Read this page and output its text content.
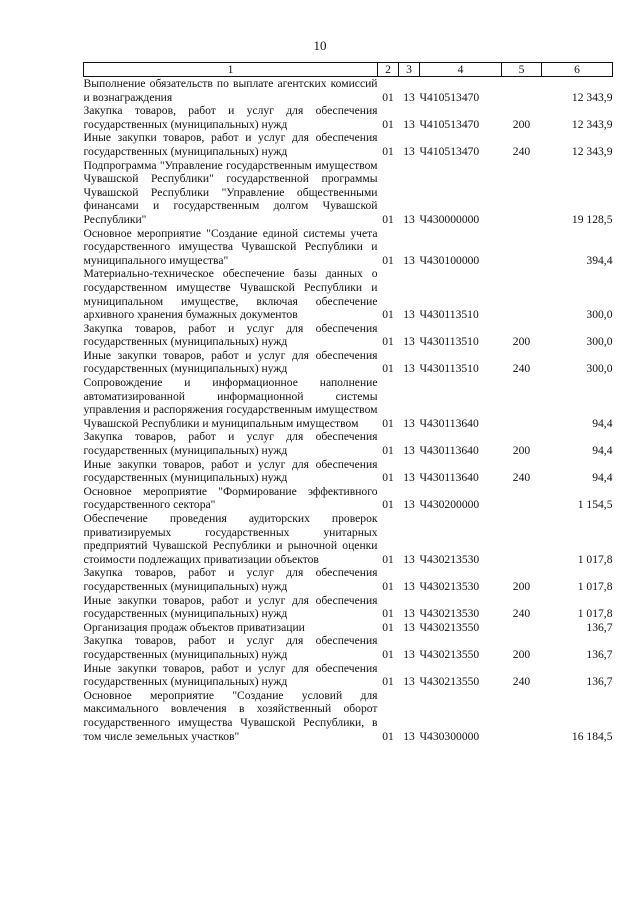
10
1	2	3	4	5	6
Выполнение обязательств по выплате агентских комиссий и вознаграждения	01	13	Ч410513470		12 343,9
Закупка товаров, работ и услуг для обеспечения государственных (муниципальных) нужд	01	13	Ч410513470	200	12 343,9
Иные закупки товаров, работ и услуг для обеспечения государственных (муниципальных) нужд	01	13	Ч410513470	240	12 343,9
Подпрограмма "Управление государственным имуществом Чувашской Республики" государственной программы Чувашской Республики "Управление общественными финансами и государственным долгом Чувашской Республики"	01	13	Ч430000000		19 128,5
Основное мероприятие "Создание единой системы учета государственного имущества Чувашской Республики и муниципального имущества"	01	13	Ч430100000		394,4
Материально-техническое обеспечение базы данных о государственном имуществе Чувашской Республики и муниципальном имуществе, включая обеспечение архивного хранения бумажных документов	01	13	Ч430113510		300,0
Закупка товаров, работ и услуг для обеспечения государственных (муниципальных) нужд	01	13	Ч430113510	200	300,0
Иные закупки товаров, работ и услуг для обеспечения государственных (муниципальных) нужд	01	13	Ч430113510	240	300,0
Сопровождение и информационное наполнение автоматизированной информационной системы управления и распоряжения государственным имуществом Чувашской Республики и муниципальным имуществом	01	13	Ч430113640		94,4
Закупка товаров, работ и услуг для обеспечения государственных (муниципальных) нужд	01	13	Ч430113640	200	94,4
Иные закупки товаров, работ и услуг для обеспечения государственных (муниципальных) нужд	01	13	Ч430113640	240	94,4
Основное мероприятие "Формирование эффективного государственного сектора"	01	13	Ч430200000		1 154,5
Обеспечение проведения аудиторских проверок приватизируемых государственных унитарных предприятий Чувашской Республики и рыночной оценки стоимости подлежащих приватизации объектов	01	13	Ч430213530		1 017,8
Закупка товаров, работ и услуг для обеспечения государственных (муниципальных) нужд	01	13	Ч430213530	200	1 017,8
Иные закупки товаров, работ и услуг для обеспечения государственных (муниципальных) нужд	01	13	Ч430213530	240	1 017,8
Организация продаж объектов приватизации	01	13	Ч430213550		136,7
Закупка товаров, работ и услуг для обеспечения государственных (муниципальных) нужд	01	13	Ч430213550	200	136,7
Иные закупки товаров, работ и услуг для обеспечения государственных (муниципальных) нужд	01	13	Ч430213550	240	136,7
Основное мероприятие "Создание условий для максимального вовлечения в хозяйственный оборот государственного имущества Чувашской Республики, в том числе земельных участков"	01	13	Ч430300000		16 184,5
